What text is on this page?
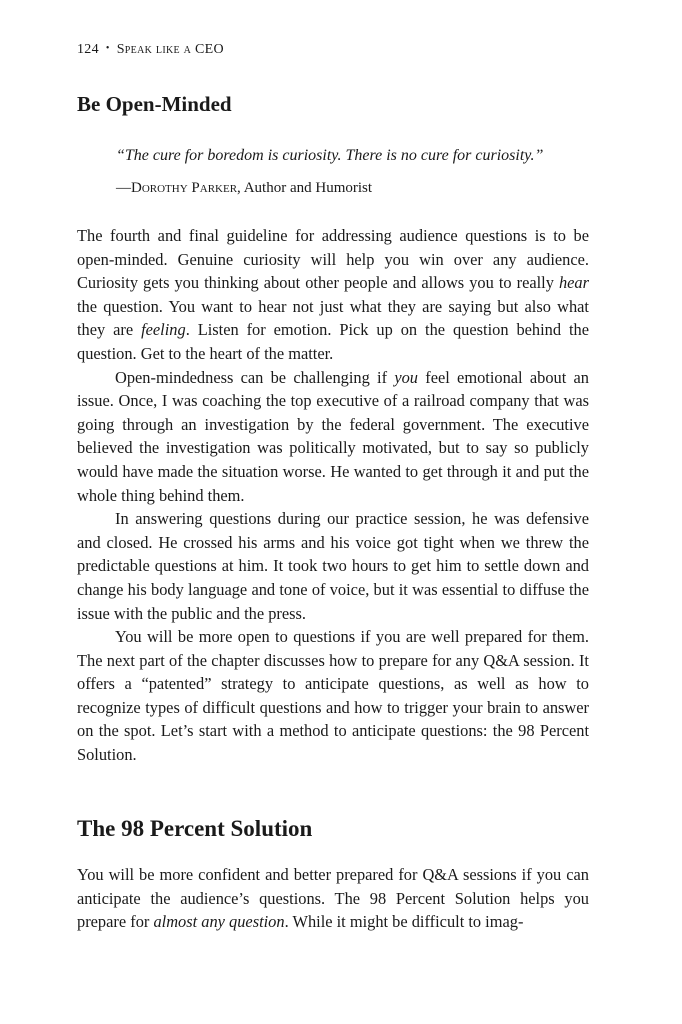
124 • Speak like a CEO
Be Open-Minded

“The cure for boredom is curiosity. There is no cure for curiosity.”

—Dorothy Parker, Author and Humorist

The fourth and final guideline for addressing audience questions is to be open-minded. Genuine curiosity will help you win over any audience. Curiosity gets you thinking about other people and allows you to really hear the question. You want to hear not just what they are saying but also what they are feeling. Listen for emotion. Pick up on the question behind the question. Get to the heart of the matter.

Open-mindedness can be challenging if you feel emotional about an issue. Once, I was coaching the top executive of a railroad company that was going through an investigation by the federal government. The executive believed the investigation was politically motivated, but to say so publicly would have made the situation worse. He wanted to get through it and put the whole thing behind them.

In answering questions during our practice session, he was defensive and closed. He crossed his arms and his voice got tight when we threw the predictable questions at him. It took two hours to get him to settle down and change his body language and tone of voice, but it was essential to diffuse the issue with the public and the press.

You will be more open to questions if you are well prepared for them. The next part of the chapter discusses how to prepare for any Q&A session. It offers a “patented” strategy to anticipate questions, as well as how to recognize types of difficult questions and how to trigger your brain to answer on the spot. Let’s start with a method to anticipate questions: the 98 Percent Solution.

The 98 Percent Solution

You will be more confident and better prepared for Q&A sessions if you can anticipate the audience’s questions. The 98 Percent Solution helps you prepare for almost any question. While it might be difficult to imag-
